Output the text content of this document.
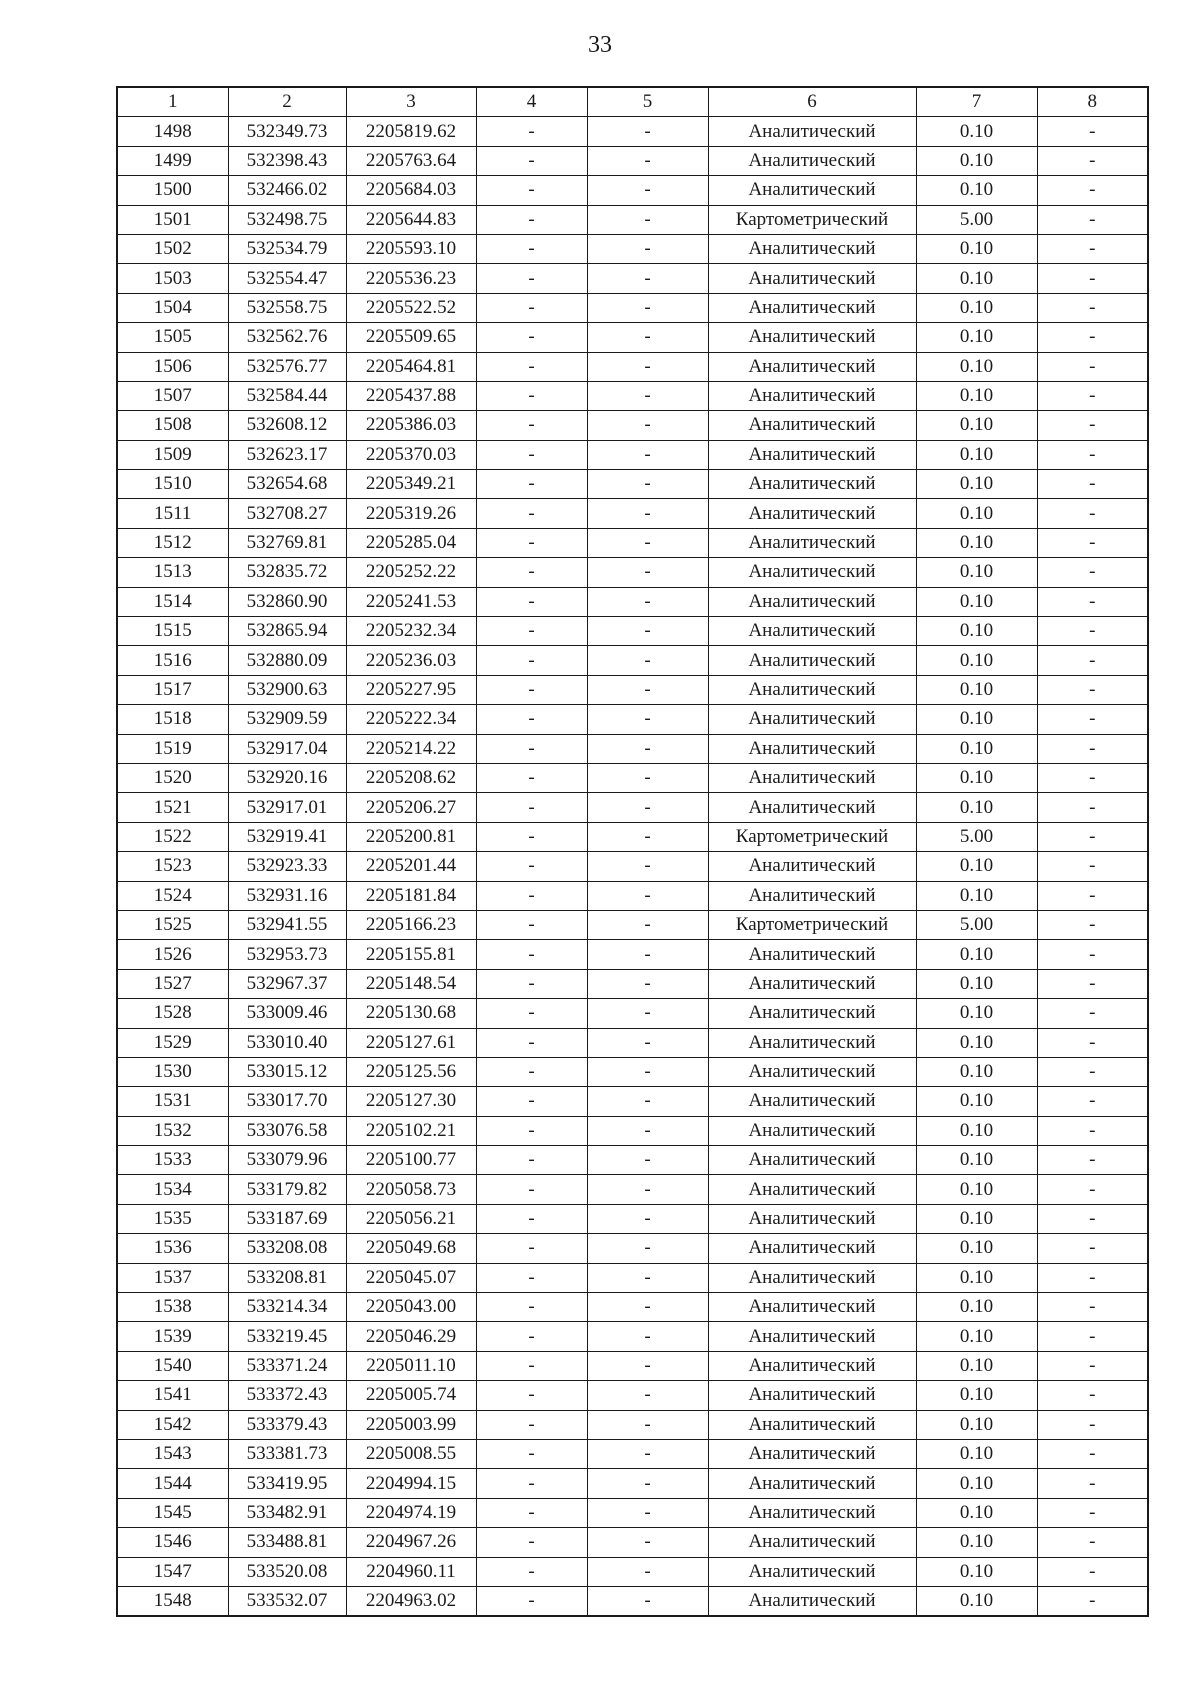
33
1	2	3	4	5	6	7	8
1498	532349.73	2205819.62	-	-	Аналитический	0.10	-
1499	532398.43	2205763.64	-	-	Аналитический	0.10	-
1500	532466.02	2205684.03	-	-	Аналитический	0.10	-
1501	532498.75	2205644.83	-	-	Картометрический	5.00	-
1502	532534.79	2205593.10	-	-	Аналитический	0.10	-
1503	532554.47	2205536.23	-	-	Аналитический	0.10	-
1504	532558.75	2205522.52	-	-	Аналитический	0.10	-
1505	532562.76	2205509.65	-	-	Аналитический	0.10	-
1506	532576.77	2205464.81	-	-	Аналитический	0.10	-
1507	532584.44	2205437.88	-	-	Аналитический	0.10	-
1508	532608.12	2205386.03	-	-	Аналитический	0.10	-
1509	532623.17	2205370.03	-	-	Аналитический	0.10	-
1510	532654.68	2205349.21	-	-	Аналитический	0.10	-
1511	532708.27	2205319.26	-	-	Аналитический	0.10	-
1512	532769.81	2205285.04	-	-	Аналитический	0.10	-
1513	532835.72	2205252.22	-	-	Аналитический	0.10	-
1514	532860.90	2205241.53	-	-	Аналитический	0.10	-
1515	532865.94	2205232.34	-	-	Аналитический	0.10	-
1516	532880.09	2205236.03	-	-	Аналитический	0.10	-
1517	532900.63	2205227.95	-	-	Аналитический	0.10	-
1518	532909.59	2205222.34	-	-	Аналитический	0.10	-
1519	532917.04	2205214.22	-	-	Аналитический	0.10	-
1520	532920.16	2205208.62	-	-	Аналитический	0.10	-
1521	532917.01	2205206.27	-	-	Аналитический	0.10	-
1522	532919.41	2205200.81	-	-	Картометрический	5.00	-
1523	532923.33	2205201.44	-	-	Аналитический	0.10	-
1524	532931.16	2205181.84	-	-	Аналитический	0.10	-
1525	532941.55	2205166.23	-	-	Картометрический	5.00	-
1526	532953.73	2205155.81	-	-	Аналитический	0.10	-
1527	532967.37	2205148.54	-	-	Аналитический	0.10	-
1528	533009.46	2205130.68	-	-	Аналитический	0.10	-
1529	533010.40	2205127.61	-	-	Аналитический	0.10	-
1530	533015.12	2205125.56	-	-	Аналитический	0.10	-
1531	533017.70	2205127.30	-	-	Аналитический	0.10	-
1532	533076.58	2205102.21	-	-	Аналитический	0.10	-
1533	533079.96	2205100.77	-	-	Аналитический	0.10	-
1534	533179.82	2205058.73	-	-	Аналитический	0.10	-
1535	533187.69	2205056.21	-	-	Аналитический	0.10	-
1536	533208.08	2205049.68	-	-	Аналитический	0.10	-
1537	533208.81	2205045.07	-	-	Аналитический	0.10	-
1538	533214.34	2205043.00	-	-	Аналитический	0.10	-
1539	533219.45	2205046.29	-	-	Аналитический	0.10	-
1540	533371.24	2205011.10	-	-	Аналитический	0.10	-
1541	533372.43	2205005.74	-	-	Аналитический	0.10	-
1542	533379.43	2205003.99	-	-	Аналитический	0.10	-
1543	533381.73	2205008.55	-	-	Аналитический	0.10	-
1544	533419.95	2204994.15	-	-	Аналитический	0.10	-
1545	533482.91	2204974.19	-	-	Аналитический	0.10	-
1546	533488.81	2204967.26	-	-	Аналитический	0.10	-
1547	533520.08	2204960.11	-	-	Аналитический	0.10	-
1548	533532.07	2204963.02	-	-	Аналитический	0.10	-
